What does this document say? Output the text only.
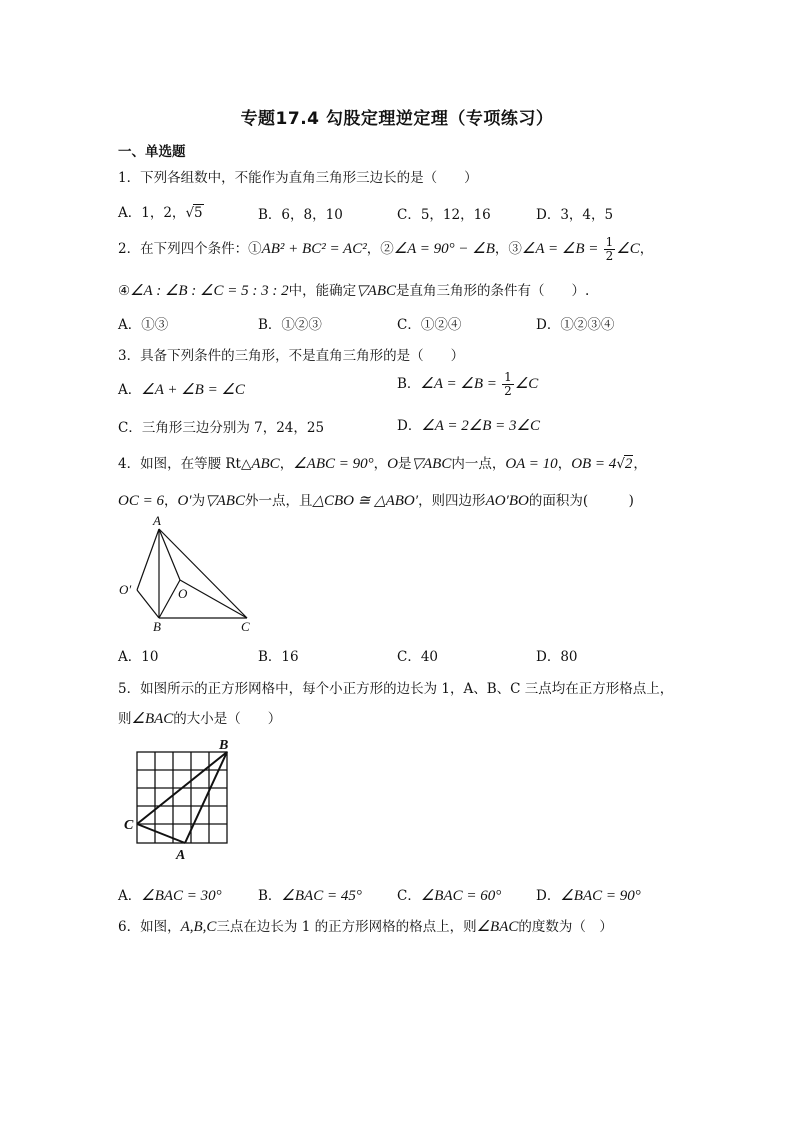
专题17.4 勾股定理逆定理（专项练习）
一、单选题
1．下列各组数中，不能作为直角三角形三边长的是（　　）
A．1，2，√5	B．6，8，10	C．5，12，16	D．3，4，5
2．在下列四个条件：①AB² + BC² = AC²，②∠A = 90° − ∠B，③∠A = ∠B = $\frac{1}{2}$ ∠C，
④∠A : ∠B : ∠C = 5 : 3 : 2中，能确定▽ABC是直角三角形的条件有（　　）.
A．①③	B．①②③	C．①②④	D．①②③④
3．具备下列条件的三角形，不是直角三角形的是（　　）
A．∠A + ∠B = ∠C	B．∠A = ∠B = $\frac{1}{2}$ ∠C
C．三角形三边分别为 7，24，25	D．∠A = 2∠B = 3∠C
4．如图，在等腰 Rt△ABC，∠ABC = 90°，O是▽ABC内一点，OA = 10，OB = 4√2，
OC = 6，O′为▽ABC外一点，且△CBO ≅ △ABO′，则四边形AO′BO的面积为(　　　)
A
B	C
O
O′
A．10	B．16	C．40	D．80
5．如图所示的正方形网格中，每个小正方形的边长为 1，A、B、C 三点均在正方形格点上，
则∠BAC的大小是（　　）
B
C
A
A．∠BAC = 30°	B．∠BAC = 45°	C．∠BAC = 60°	D．∠BAC = 90°
6．如图，A,B,C三点在边长为 1 的正方形网格的格点上，则∠BAC的度数为（　）
